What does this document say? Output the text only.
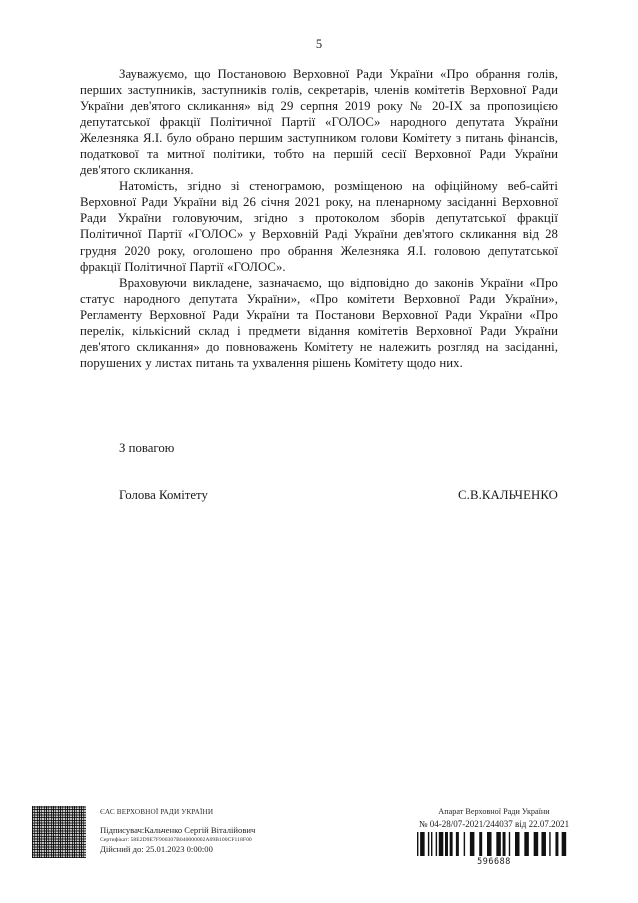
5

Зауважуємо, що Постановою Верховної Ради України «Про обрання голів, перших заступників, заступників голів, секретарів, членів комітетів Верховної Ради України дев'ятого скликання» від 29 серпня 2019 року № 20-IX за пропозицією депутатської фракції Політичної Партії «ГОЛОС» народного депутата України Железняка Я.І. було обрано першим заступником голови Комітету з питань фінансів, податкової та митної політики, тобто на першій сесії Верховної Ради України дев'ятого скликання.

Натомість, згідно зі стенограмою, розміщеною на офіційному веб-сайті Верховної Ради України від 26 січня 2021 року, на пленарному засіданні Верховної Ради України головуючим, згідно з протоколом зборів депутатської фракції Політичної Партії «ГОЛОС» у Верховній Раді України дев'ятого скликання від 28 грудня 2020 року, оголошено про обрання Железняка Я.І. головою депутатської фракції Політичної Партії «ГОЛОС».

Враховуючи викладене, зазначаємо, що відповідно до законів України «Про статус народного депутата України», «Про комітети Верховної Ради України», Регламенту Верховної Ради України та Постанови Верховної Ради України «Про перелік, кількісний склад і предмети відання комітетів Верховної Ради України дев'ятого скликання» до повноважень Комітету не належить розгляд на засіданні, порушених у листах питань та ухвалення рішень Комітету щодо них.

З повагою
Голова Комітету	С.В.КАЛЬЧЕНКО
ЄАС ВЕРХОВНОЇ РАДИ УКРАЇНИ
Підписувач:Кальченко Сергій Віталійович
Сертифікат: 58E2D9E7F900307B040000002A09B100CF118F00
Дійсний до: 25.01.2023 0:00:00
Апарат Верховної Ради України
№ 04-28/07-2021/244037 від 22.07.2021
596688
